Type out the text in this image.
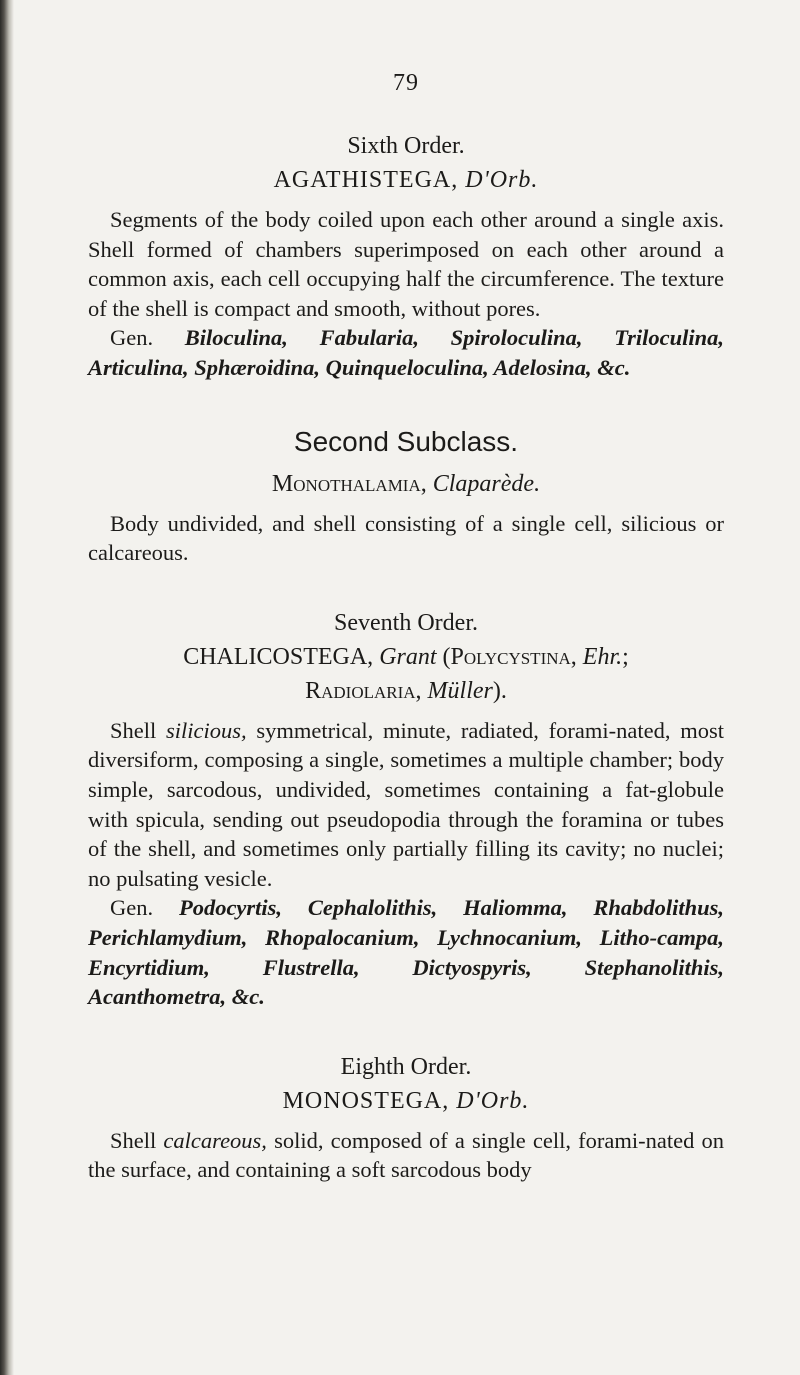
79

Sixth Order.

AGATHISTEGA, D'Orb.

Segments of the body coiled upon each other around a single axis. Shell formed of chambers superimposed on each other around a common axis, each cell occupying half the circumference. The texture of the shell is compact and smooth, without pores.

Gen. Biloculina, Fabularia, Spiroloculina, Triloculina, Articulina, Sphæroidina, Quinqueloculina, Adelosina, &c.

Second Subclass.

Monothalamia, Claparède.

Body undivided, and shell consisting of a single cell, silicious or calcareous.

Seventh Order.

CHALICOSTEGA, Grant (Polycystina, Ehr.;
Radiolaria, Müller).

Shell silicious, symmetrical, minute, radiated, forami-nated, most diversiform, composing a single, sometimes a multiple chamber; body simple, sarcodous, undivided, sometimes containing a fat-globule with spicula, sending out pseudopodia through the foramina or tubes of the shell, and sometimes only partially filling its cavity; no nuclei; no pulsating vesicle.

Gen. Podocyrtis, Cephalolithis, Haliomma, Rhabdolithus, Perichlamydium, Rhopalocanium, Lychnocanium, Litho-campa, Encyrtidium, Flustrella, Dictyospyris, Stephanolithis, Acanthometra, &c.

Eighth Order.

MONOSTEGA, D'Orb.

Shell calcareous, solid, composed of a single cell, forami-nated on the surface, and containing a soft sarcodous body
